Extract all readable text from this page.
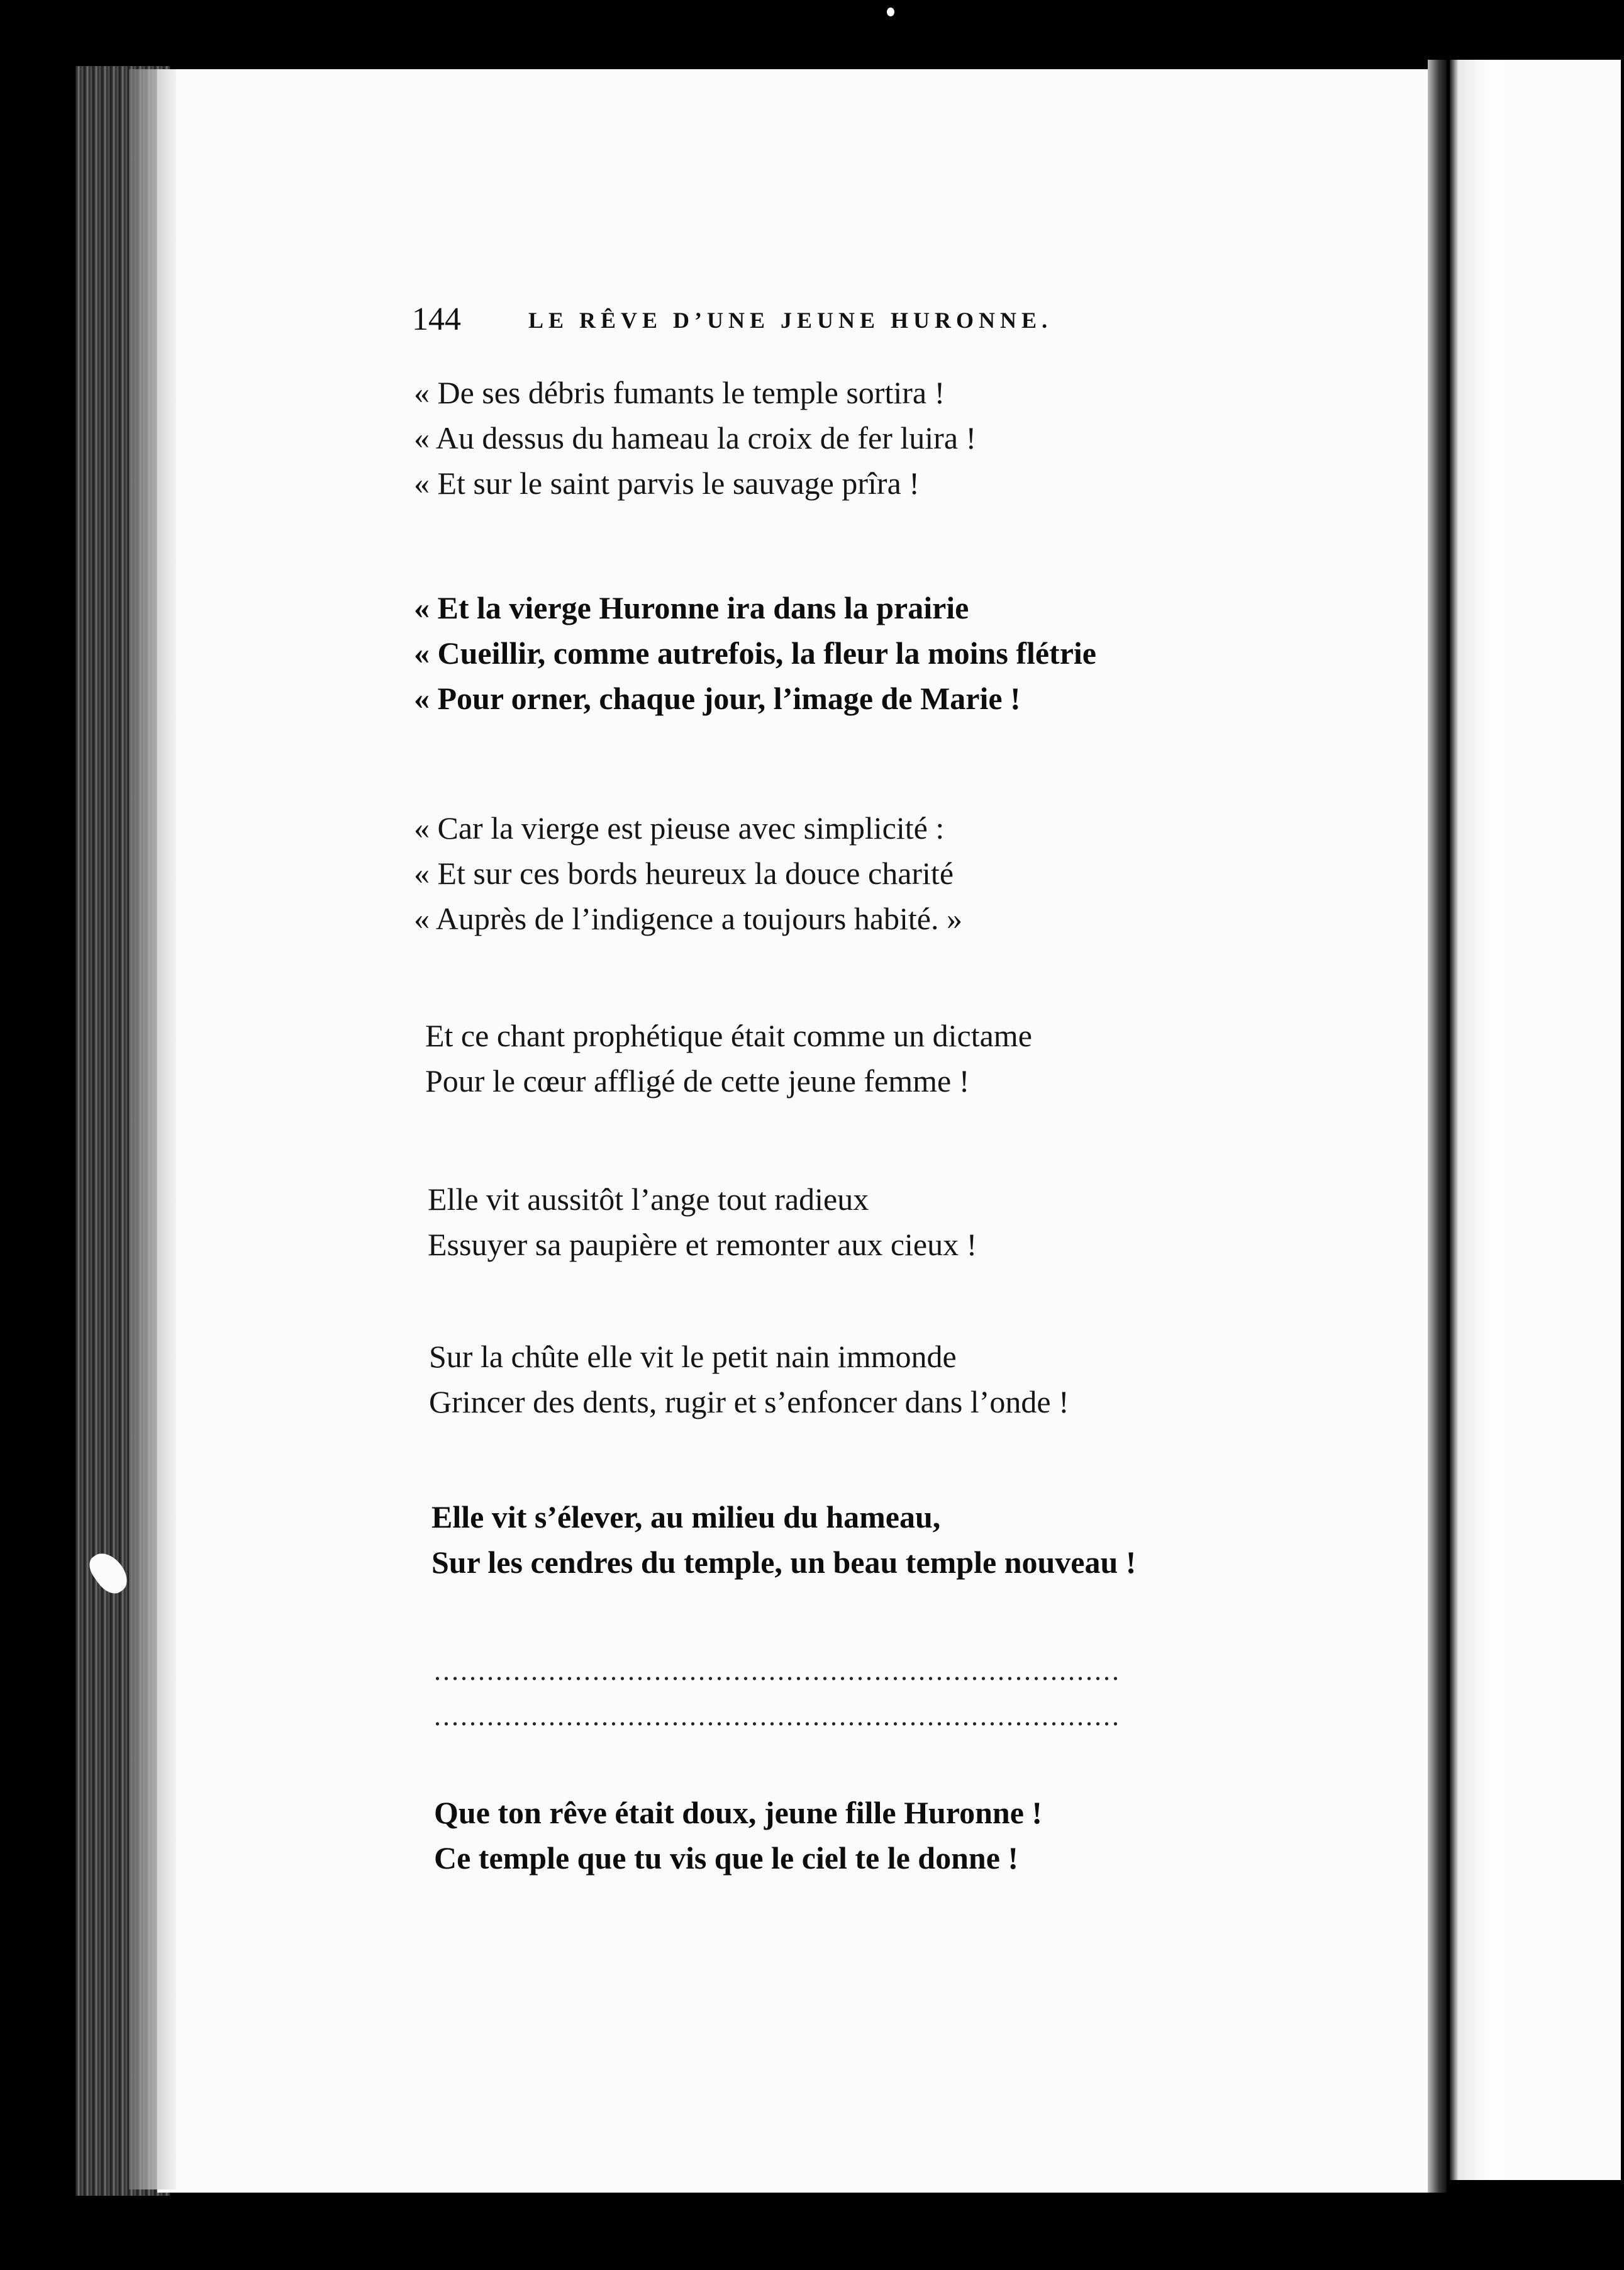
144	LE RÊVE D’UNE JEUNE HURONNE.
« De ses débris fumants le temple sortira !
« Au dessus du hameau la croix de fer luira !
« Et sur le saint parvis le sauvage prîra !
« Et la vierge Huronne ira dans la prairie
« Cueillir, comme autrefois, la fleur la moins flétrie
« Pour orner, chaque jour, l’image de Marie !
« Car la vierge est pieuse avec simplicité :
« Et sur ces bords heureux la douce charité
« Auprès de l’indigence a toujours habité. »
Et ce chant prophétique était comme un dictame
Pour le cœur affligé de cette jeune femme !
Elle vit aussitôt l’ange tout radieux
Essuyer sa paupière et remonter aux cieux !
Sur la chûte elle vit le petit nain immonde
Grincer des dents, rugir et s’enfoncer dans l’onde !
Elle vit s’élever, au milieu du hameau,
Sur les cendres du temple, un beau temple nouveau !
..............................................................................
..............................................................................
Que ton rêve était doux, jeune fille Huronne !
Ce temple que tu vis que le ciel te le donne !
